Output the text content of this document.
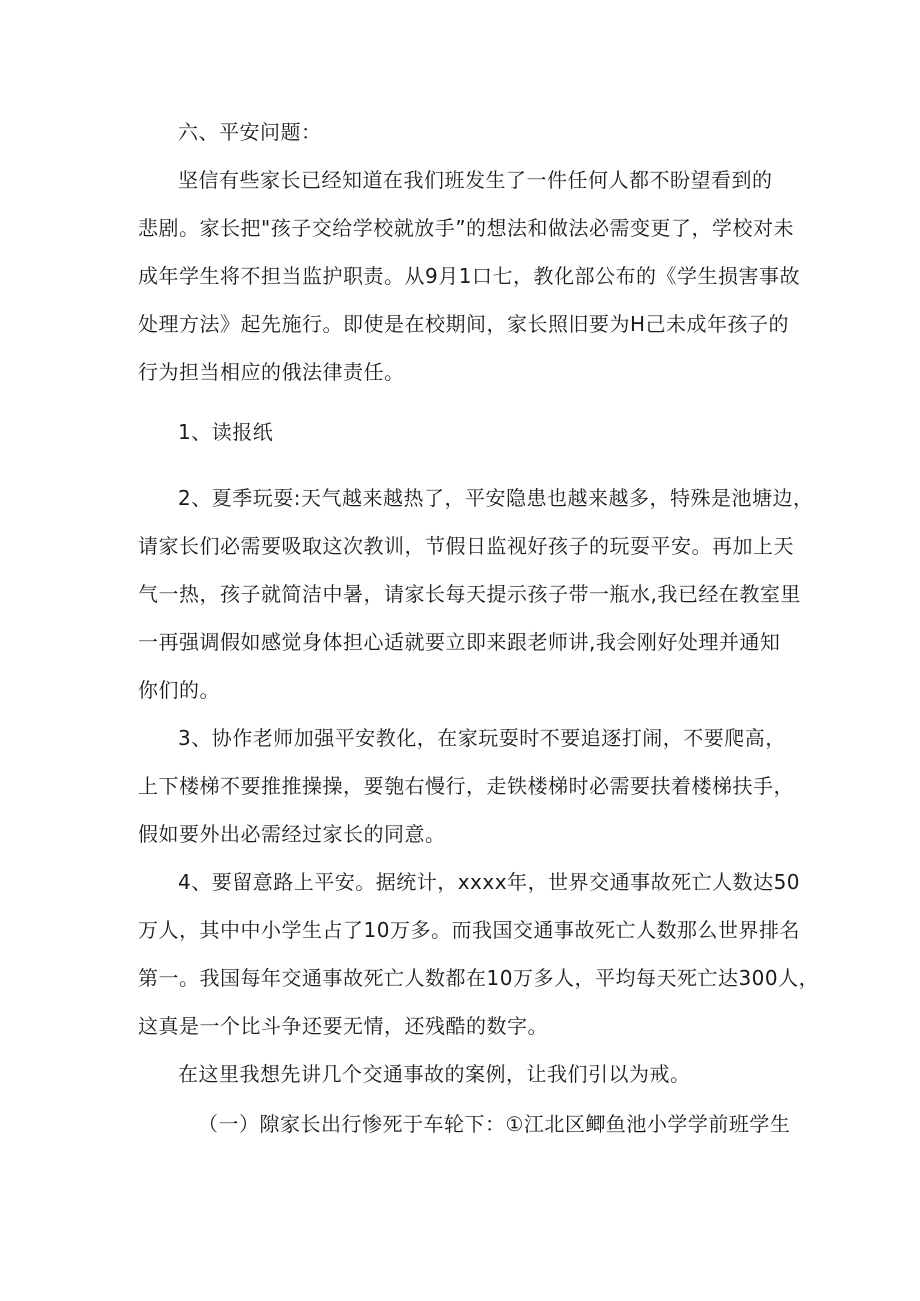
六、平安问题：
坚信有些家长已经知道在我们班发生了一件任何人都不盼望看到的
悲剧。家长把"孩子交给学校就放手”的想法和做法必需变更了，学校对未
成年学生将不担当监护职责。从9月1口七，教化部公布的《学生损害事故
处理方法》起先施行。即使是在校期间，家长照旧要为H己未成年孩子的
行为担当相应的俄法律责任。
1、读报纸
2、夏季玩耍:天气越来越热了，平安隐患也越来越多，特殊是池塘边，
请家长们必需要吸取这次教训，节假日监视好孩子的玩耍平安。再加上天
气一热，孩子就简洁中暑，请家长每天提示孩子带一瓶水,我已经在教室里
一再强调假如感觉身体担心适就要立即来跟老师讲,我会刚好处理并通知
你们的。
3、协作老师加强平安教化，在家玩耍时不要追逐打闹，不要爬高，
上下楼梯不要推推操操，要匏右慢行，走铁楼梯时必需要扶着楼梯扶手，
假如要外出必需经过家长的同意。
4、要留意路上平安。据统计，xxxx年，世界交通事故死亡人数达50
万人，其中中小学生占了10万多。而我国交通事故死亡人数那么世界排名
第一。我国每年交通事故死亡人数都在10万多人，平均每天死亡达300人，
这真是一个比斗争还要无情，还残酷的数字。
在这里我想先讲几个交通事故的案例，让我们引以为戒。
（一）隙家长出行惨死于车轮下：①江北区鲫鱼池小学学前班学生
